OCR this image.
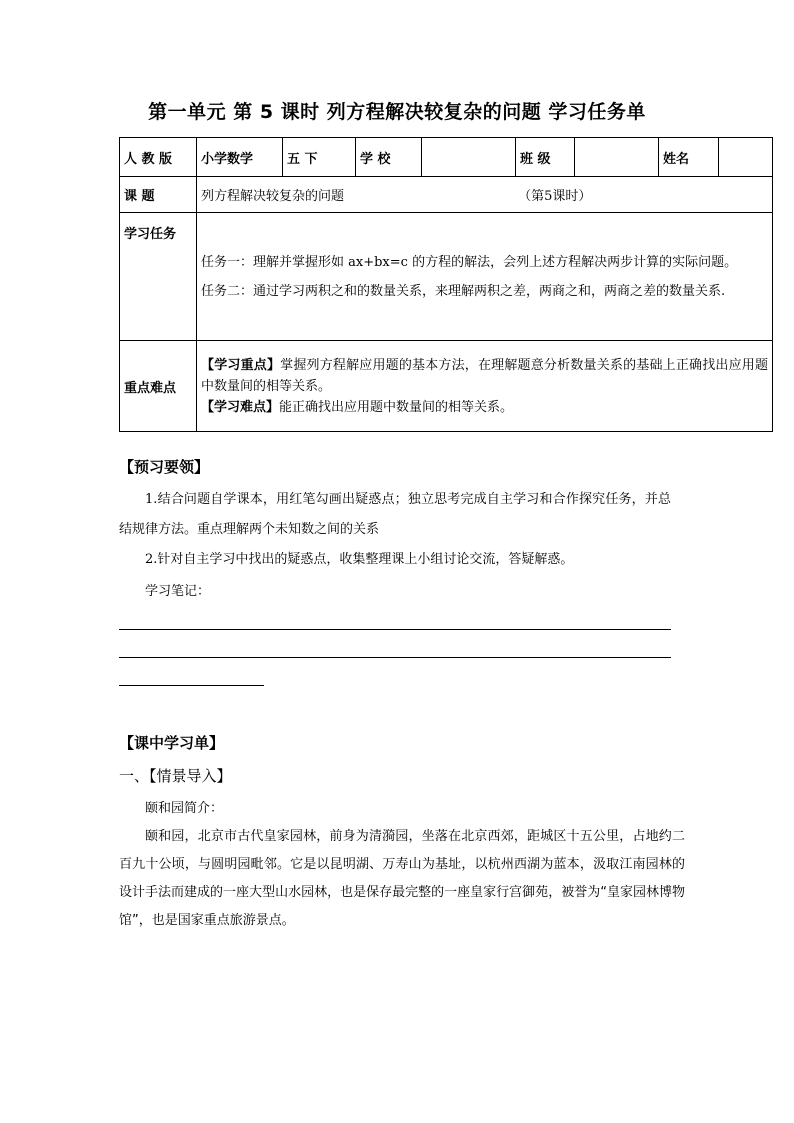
第一单元 第 5 课时 列方程解决较复杂的问题 学习任务单
人 教 版	小学数学	五 下	学 校		班 级		姓名	
课 题	列方程解决较复杂的问题 （第5课时）							
学习任务	任务一：理解并掌握形如 ax+bx=c 的方程的解法，会列上述方程解决两步计算的实际问题。
任务二：通过学习两积之和的数量关系，来理解两积之差，两商之和，两商之差的数量关系.							

重点难点	【学习重点】掌握列方程解应用题的基本方法，在理解题意分析数量关系的基础上正确找出应用题中数量间的相等关系。
【学习难点】能正确找出应用题中数量间的相等关系。							
【预习要领】
1.结合问题自学课本，用红笔勾画出疑惑点；独立思考完成自主学习和合作探究任务，并总结规律方法。重点理解两个未知数之间的关系
2.针对自主学习中找出的疑惑点，收集整理课上小组讨论交流，答疑解惑。
学习笔记：
【课中学习单】
一、【情景导入】
颐和园简介：
颐和园，北京市古代皇家园林，前身为清漪园，坐落在北京西郊，距城区十五公里，占地约二百九十公顷，与圆明园毗邻。它是以昆明湖、万寿山为基址，以杭州西湖为蓝本，汲取江南园林的设计手法而建成的一座大型山水园林，也是保存最完整的一座皇家行宫御苑，被誉为“皇家园林博物馆”，也是国家重点旅游景点。
